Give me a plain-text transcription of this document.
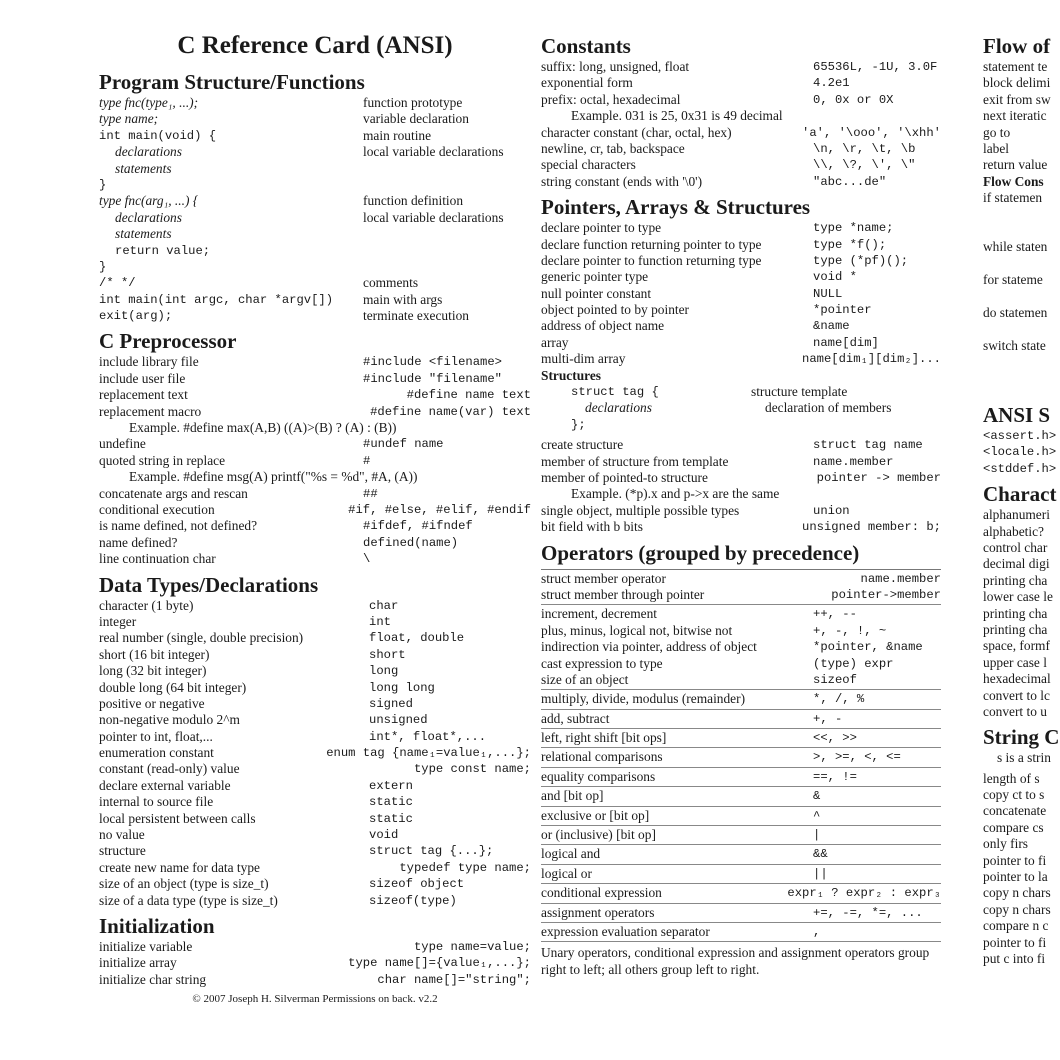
C Reference Card (ANSI)
Program Structure/Functions
type fnc(type₁, ...);	function prototype
type name;	variable declaration
int main(void) {	main routine
declarations	local variable declarations
statements
}
type fnc(arg₁, ...) {	function definition
declarations	local variable declarations
statements
return value;
}
/* */	comments
int main(int argc, char *argv[]) main with args
exit(arg);	terminate execution
C Preprocessor
include library file	#include <filename>
include user file	#include "filename"
replacement text	#define name text
replacement macro	#define name(var) text
Example. #define max(A,B) ((A)>(B) ? (A) : (B))
undefine	#undef name
quoted string in replace	#
Example. #define msg(A) printf("%s = %d", #A, (A))
concatenate args and rescan	##
conditional execution	#if, #else, #elif, #endif
is name defined, not defined?	#ifdef, #ifndef
name defined?	defined(name)
line continuation char	\
Data Types/Declarations
character (1 byte)	char
integer	int
real number (single, double precision)	float, double
short (16 bit integer)	short
long (32 bit integer)	long
double long (64 bit integer)	long long
positive or negative	signed
non-negative modulo 2^m	unsigned
pointer to int, float,...	int*, float*,...
enumeration constant	enum tag {name₁=value₁,...};
constant (read-only) value	type const name;
declare external variable	extern
internal to source file	static
local persistent between calls	static
no value	void
structure	struct tag {...};
create new name for data type	typedef type name;
size of an object (type is size_t)	sizeof object
size of a data type (type is size_t)	sizeof(type)
Initialization
initialize variable	type name=value;
initialize array	type name[]={value₁,...};
initialize char string	char name[]="string";
© 2007 Joseph H. Silverman Permissions on back. v2.2
Constants
suffix: long, unsigned, float	65536L, -1U, 3.0F
exponential form	4.2e1
prefix: octal, hexadecimal	0, 0x or 0X
Example. 031 is 25, 0x31 is 49 decimal
character constant (char, octal, hex)	'a', '\ooo', '\xhh'
newline, cr, tab, backspace	\n, \r, \t, \b
special characters	\\, \?, \', \"
string constant (ends with '\0')	"abc...de"
Pointers, Arrays & Structures
declare pointer to type	type *name;
declare function returning pointer to type	type *f();
declare pointer to function returning type	type (*pf)();
generic pointer type	void *
null pointer constant	NULL
object pointed to by pointer	*pointer
address of object name	&name
array	name[dim]
multi-dim array	name[dim₁][dim₂]...
Structures
struct tag {	structure template
declarations	declaration of members
};
create structure	struct tag name
member of structure from template	name.member
member of pointed-to structure	pointer -> member
Example. (*p).x and p->x are the same
single object, multiple possible types	union
bit field with b bits	unsigned member: b;
Operators (grouped by precedence)
struct member operator	name.member
struct member through pointer	pointer->member
increment, decrement	++, --
plus, minus, logical not, bitwise not	+, -, !, ~
indirection via pointer, address of object	*pointer, &name
cast expression to type	(type) expr
size of an object	sizeof
multiply, divide, modulus (remainder)	*, /, %
add, subtract	+, -
left, right shift [bit ops]	<<, >>
relational comparisons	>, >=, <, <=
equality comparisons	==, !=
and [bit op]	&
exclusive or [bit op]	^
or (inclusive) [bit op]	|
logical and	&&
logical or	||
conditional expression	expr₁ ? expr₂ : expr₃
assignment operators	+=, -=, *=, ...
expression evaluation separator	,
Unary operators, conditional expression and assignment operators group right to left; all others group left to right.
Flow of
statement te
block delimi
exit from sw
next iteratic
go to
label
return value
Flow Cons
if statemen
while staten
for stateme
do statemen
switch state
ANSI S
<assert.h>
<locale.h>
<stddef.h>
Charact
alphanumeri
alphabetic?
control char
decimal digi
printing cha
lower case le
printing cha
printing cha
space, formf
upper case l
hexadecimal
convert to lc
convert to u
String C
s is a strin
length of s
copy ct to s
concatenate
compare cs
only firs
pointer to fi
pointer to la
copy n chars
copy n chars
compare n c
pointer to fi
put c into fi
